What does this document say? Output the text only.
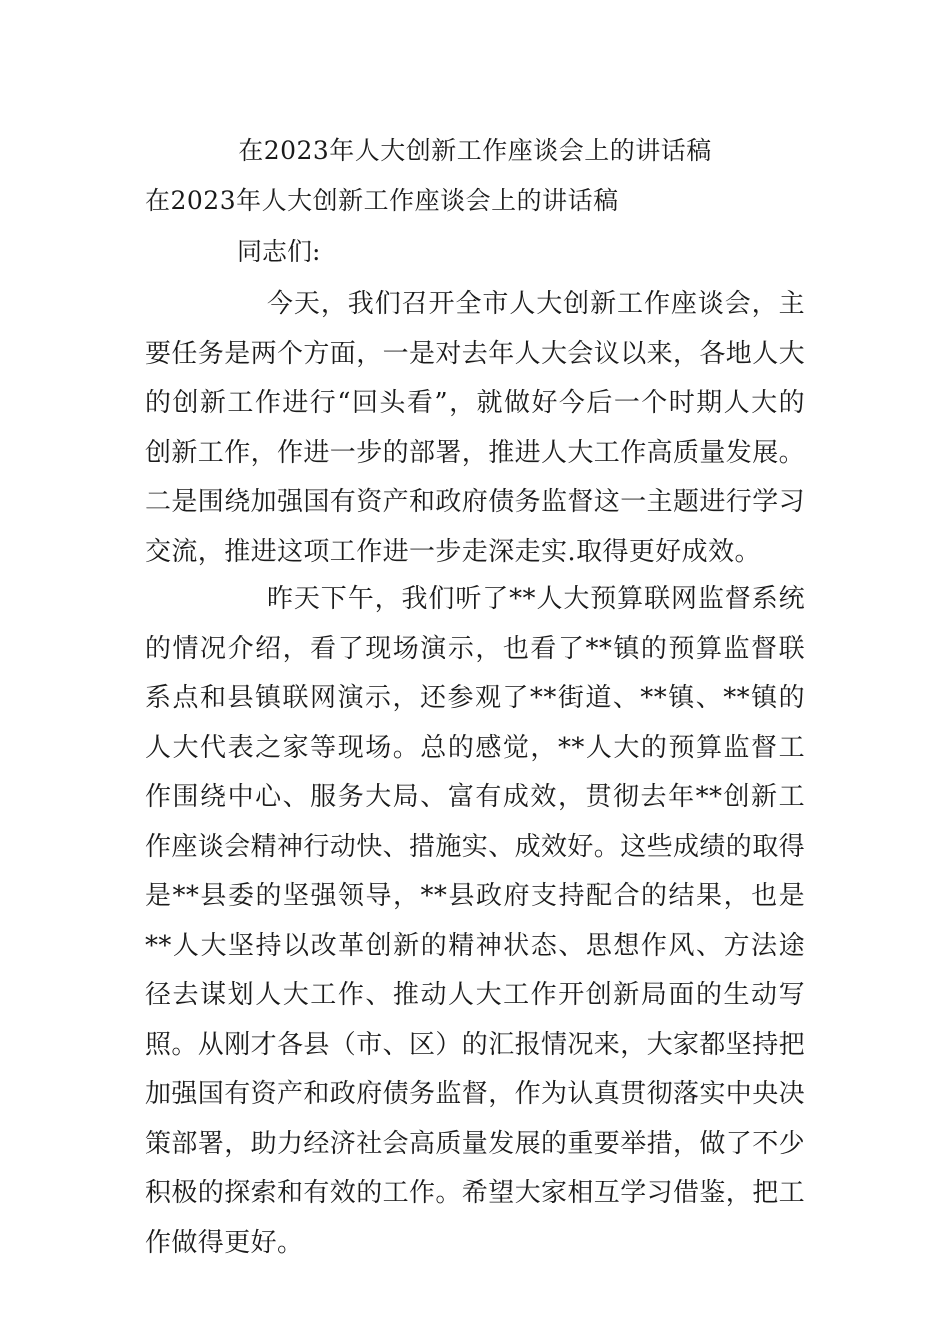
在2023年人大创新工作座谈会上的讲话稿
在2023年人大创新工作座谈会上的讲话稿
同志们:

今天，我们召开全市人大创新工作座谈会，主要任务是两个方面，一是对去年人大会议以来，各地人大的创新工作进行“回头看”，就做好今后一个时期人大的创新工作，作进一步的部署，推进人大工作高质量发展。二是围绕加强国有资产和政府债务监督这一主题进行学习交流，推进这项工作进一步走深走实.取得更好成效。

昨天下午，我们听了**人大预算联网监督系统的情况介绍，看了现场演示，也看了**镇的预算监督联系点和县镇联网演示，还参观了**街道、**镇、**镇的人大代表之家等现场。总的感觉，**人大的预算监督工作围绕中心、服务大局、富有成效，贯彻去年**创新工作座谈会精神行动快、措施实、成效好。这些成绩的取得是**县委的坚强领导，**县政府支持配合的结果，也是**人大坚持以改革创新的精神状态、思想作风、方法途径去谋划人大工作、推动人大工作开创新局面的生动写照。从刚才各县（市、区）的汇报情况来，大家都坚持把加强国有资产和政府债务监督，作为认真贯彻落实中央决策部署，助力经济社会高质量发展的重要举措，做了不少积极的探索和有效的工作。希望大家相互学习借鉴，把工作做得更好。
